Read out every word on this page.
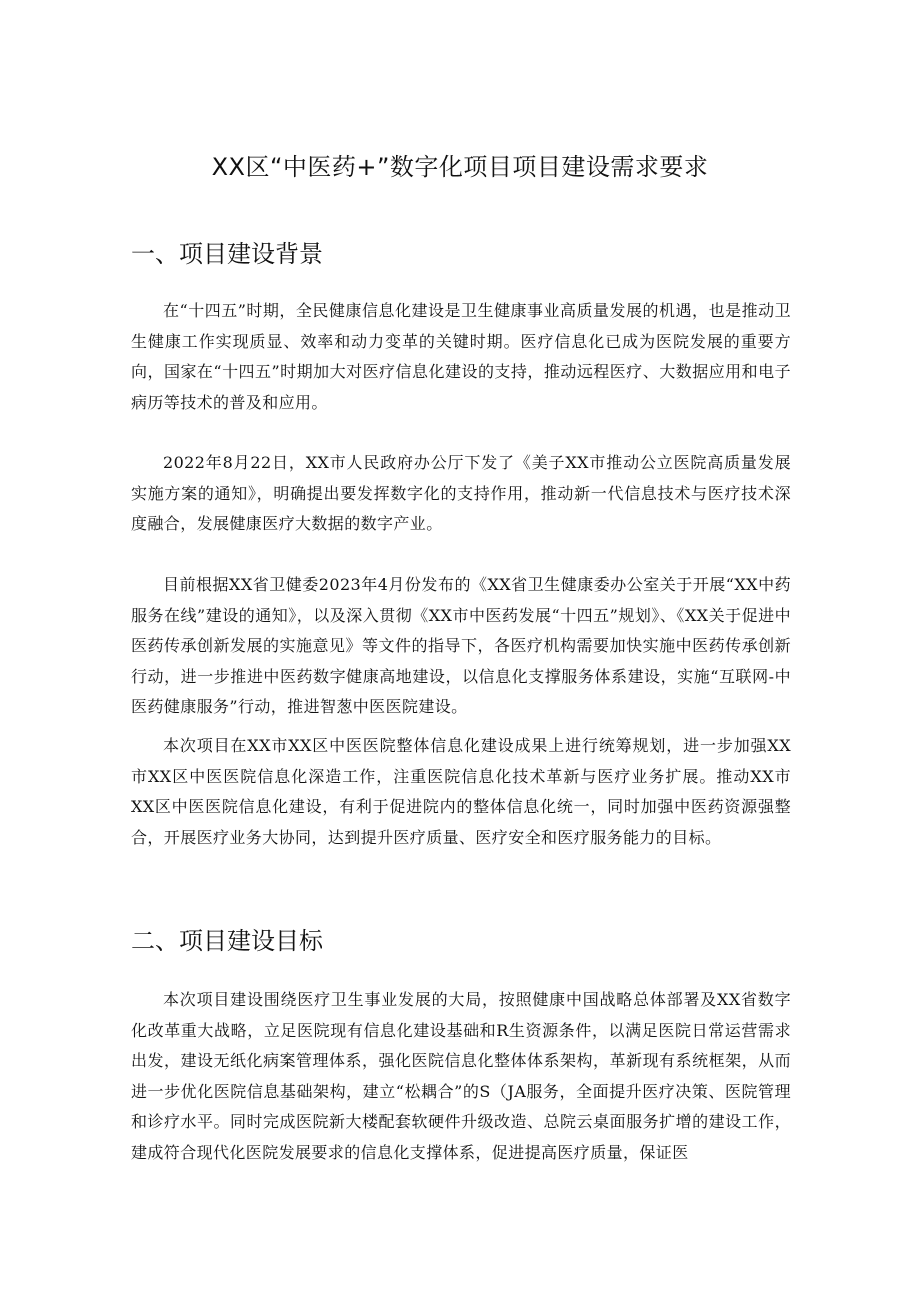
XX区“中医药+”数字化项目项目建设需求要求
一、项目建设背景

在“十四五”时期，全民健康信息化建设是卫生健康事业高质量发展的机遇，也是推动卫生健康工作实现质显、效率和动力变革的关键时期。医疗信息化已成为医院发展的重要方向，国家在“十四五”时期加大对医疗信息化建设的支持，推动远程医疗、大数据应用和电子病历等技术的普及和应用。

2022年8月22日，XX市人民政府办公厅下发了《美子XX市推动公立医院高质量发展实施方案的通知》，明确提出要发挥数字化的支持作用，推动新一代信息技术与医疗技术深度融合，发展健康医疗大数据的数字产业。

目前根据XX省卫健委2023年4月份发布的《XX省卫生健康委办公室关于开展“XX中药服务在线”建设的通知》，以及深入贯彻《XX市中医药发展“十四五”规划》、《XX关于促进中医药传承创新发展的实施意见》等文件的指导下，各医疗机构需要加快实施中医药传承创新行动，进一步推进中医药数字健康高地建设，以信息化支撑服务体系建设，实施“互联网-中医药健康服务”行动，推进智葱中医医院建设。

本次项目在XX市XX区中医医院整体信息化建设成果上进行统筹规划，进一步加强XX市XX区中医医院信息化深造工作，注重医院信息化技术革新与医疗业务扩展。推动XX市XX区中医医院信息化建设，有利于促进院内的整体信息化统一，同时加强中医药资源强整合，开展医疗业务大协同，达到提升医疗质量、医疗安全和医疗服务能力的目标。

二、项目建设目标

本次项目建设围绕医疗卫生事业发展的大局，按照健康中国战略总体部署及XX省数字化改革重大战略，立足医院现有信息化建设基础和R生资源条件，以满足医院日常运营需求出发，建设无纸化病案管理体系，强化医院信息化整体体系架构，革新现有系统框架，从而进一步优化医院信息基础架构，建立“松耦合”的S（JA服务，全面提升医疗决策、医院管理和诊疗水平。同时完成医院新大楼配套软硬件升级改造、总院云桌面服务扩增的建设工作，建成符合现代化医院发展要求的信息化支撑体系，促进提高医疗质量，保证医
